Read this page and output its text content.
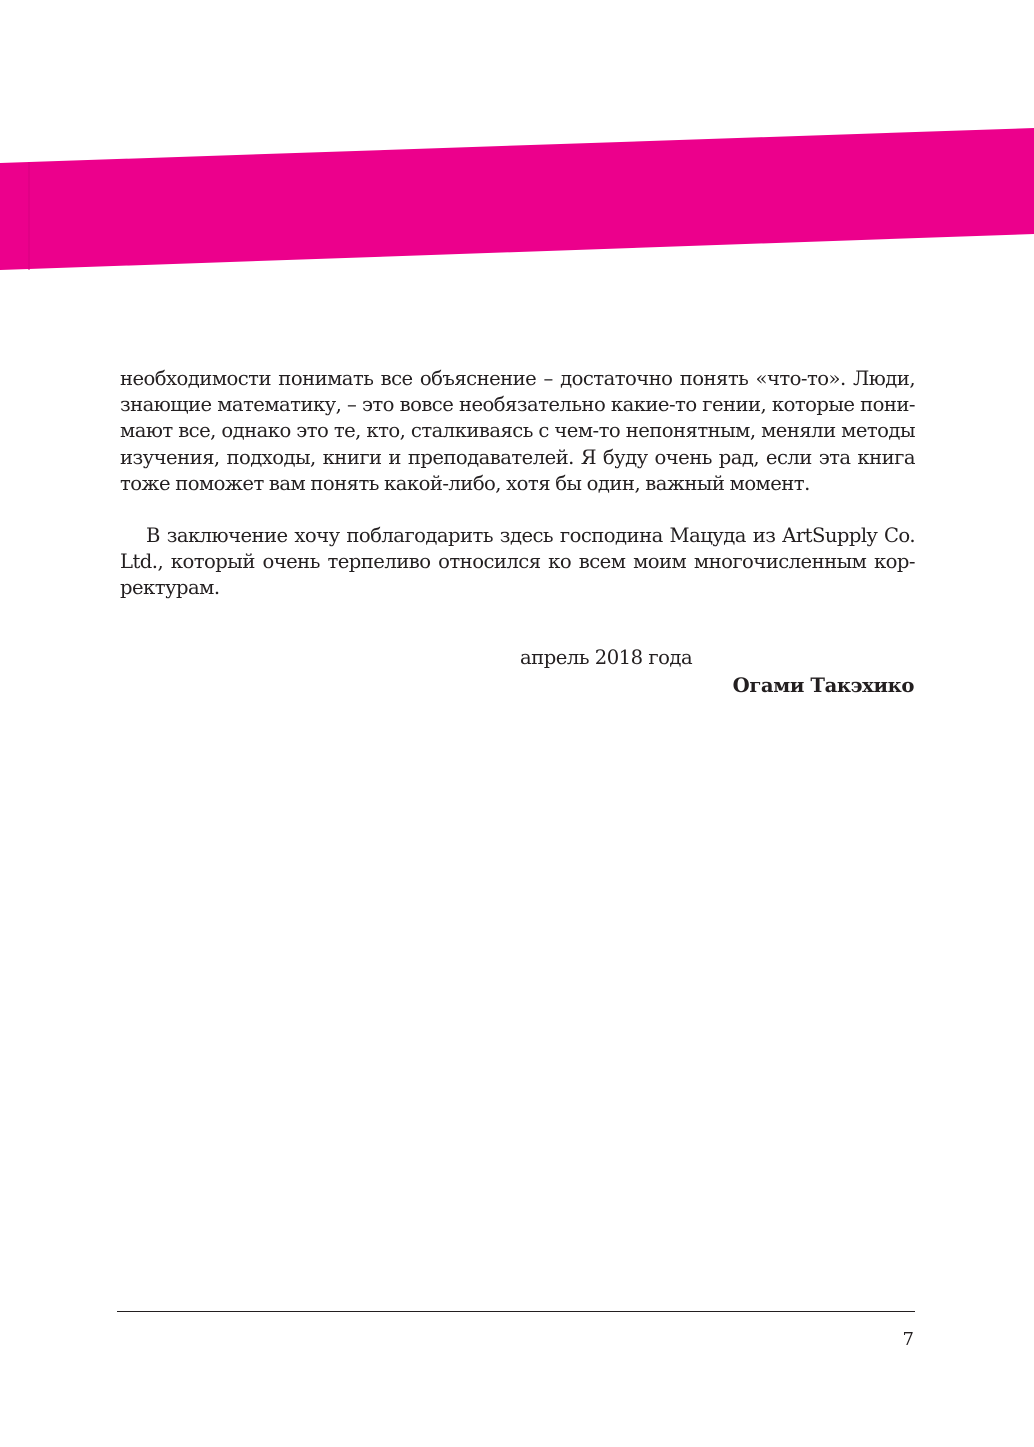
необходимости понимать все объяснение – достаточно понять «что-то». Люди,
знающие математику, – это вовсе необязательно какие-то гении, которые пони-
мают все, однако это те, кто, сталкиваясь с чем-то непонятным, меняли методы
изучения, подходы, книги и преподавателей. Я буду очень рад, если эта книга
тоже поможет вам понять какой-либо, хотя бы один, важный момент.
В заключение хочу поблагодарить здесь господина Мацуда из ArtSupply Co.
Ltd., который очень терпеливо относился ко всем моим многочисленным кор-
ректурам.
апрель 2018 года
Огами Такэхико
7
